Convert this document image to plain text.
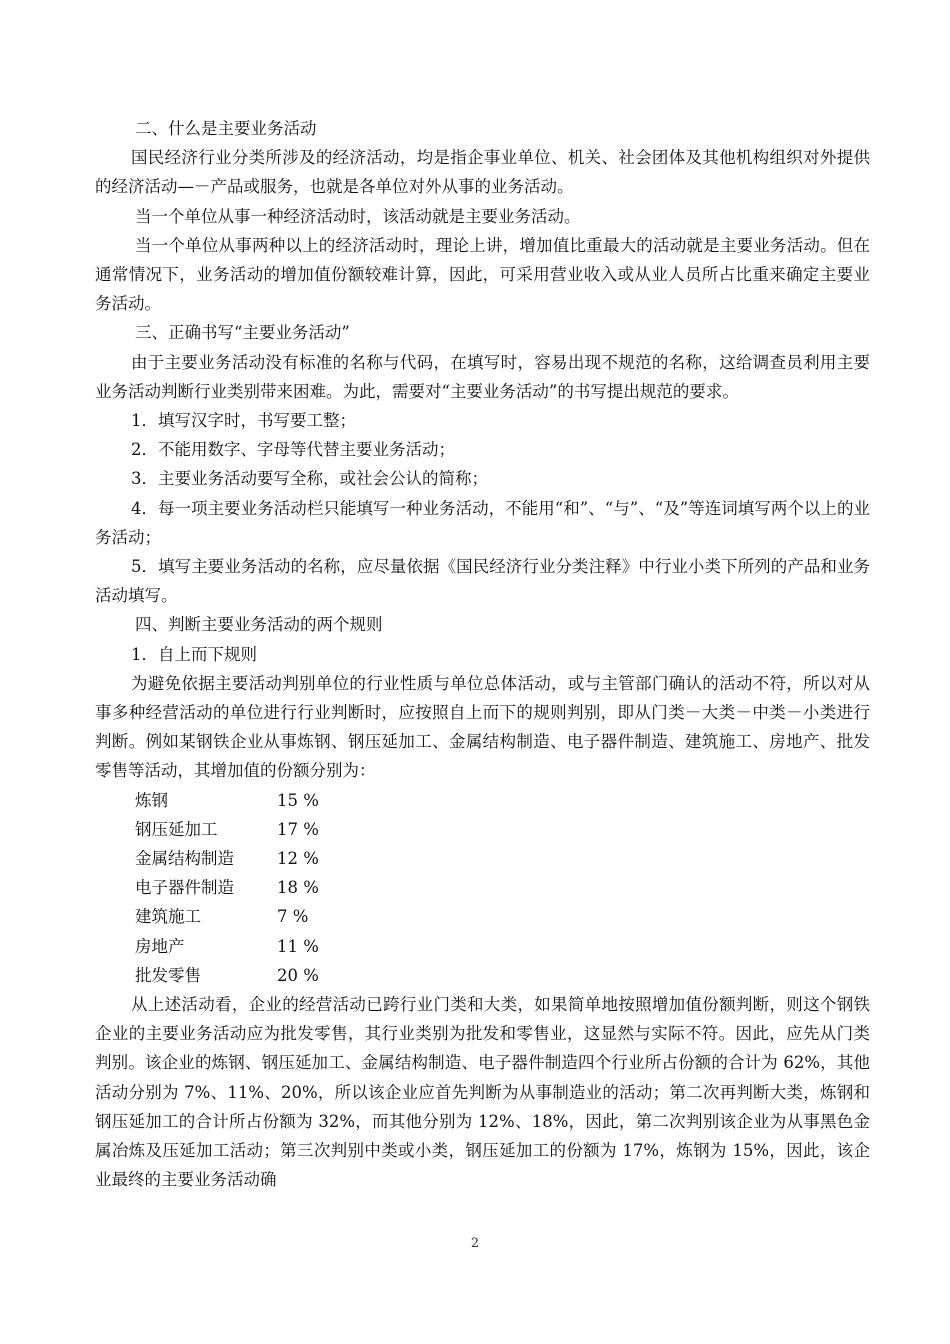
二、什么是主要业务活动

国民经济行业分类所涉及的经济活动，均是指企事业单位、机关、社会团体及其他机构组织对外提供的经济活动—－产品或服务，也就是各单位对外从事的业务活动。

当一个单位从事一种经济活动时，该活动就是主要业务活动。

当一个单位从事两种以上的经济活动时，理论上讲，增加值比重最大的活动就是主要业务活动。但在通常情况下，业务活动的增加值份额较难计算，因此，可采用营业收入或从业人员所占比重来确定主要业务活动。

三、正确书写“主要业务活动”

由于主要业务活动没有标准的名称与代码，在填写时，容易出现不规范的名称，这给调查员利用主要业务活动判断行业类别带来困难。为此，需要对“主要业务活动”的书写提出规范的要求。

1．填写汉字时，书写要工整；

2．不能用数字、字母等代替主要业务活动；

3．主要业务活动要写全称，或社会公认的简称；

4．每一项主要业务活动栏只能填写一种业务活动，不能用“和”、“与”、“及”等连词填写两个以上的业务活动；

5．填写主要业务活动的名称，应尽量依据《国民经济行业分类注释》中行业小类下所列的产品和业务活动填写。

四、判断主要业务活动的两个规则

1．自上而下规则

为避免依据主要活动判别单位的行业性质与单位总体活动，或与主管部门确认的活动不符，所以对从事多种经营活动的单位进行行业判断时，应按照自上而下的规则判别，即从门类－大类－中类－小类进行判断。例如某钢铁企业从事炼钢、钢压延加工、金属结构制造、电子器件制造、建筑施工、房地产、批发零售等活动，其增加值的份额分别为：

炼钢	15 %
钢压延加工	17 %
金属结构制造	12 %
电子器件制造	18 %
建筑施工	7 %
房地产	11 %
批发零售	20 %

从上述活动看，企业的经营活动已跨行业门类和大类，如果简单地按照增加值份额判断，则这个钢铁企业的主要业务活动应为批发零售，其行业类别为批发和零售业，这显然与实际不符。因此，应先从门类判别。该企业的炼钢、钢压延加工、金属结构制造、电子器件制造四个行业所占份额的合计为 62%，其他活动分别为 7%、11%、20%，所以该企业应首先判断为从事制造业的活动；第二次再判断大类，炼钢和钢压延加工的合计所占份额为 32%，而其他分别为 12%、18%，因此，第二次判别该企业为从事黑色金属冶炼及压延加工活动；第三次判别中类或小类，钢压延加工的份额为 17%，炼钢为 15%，因此，该企业最终的主要业务活动确

2
